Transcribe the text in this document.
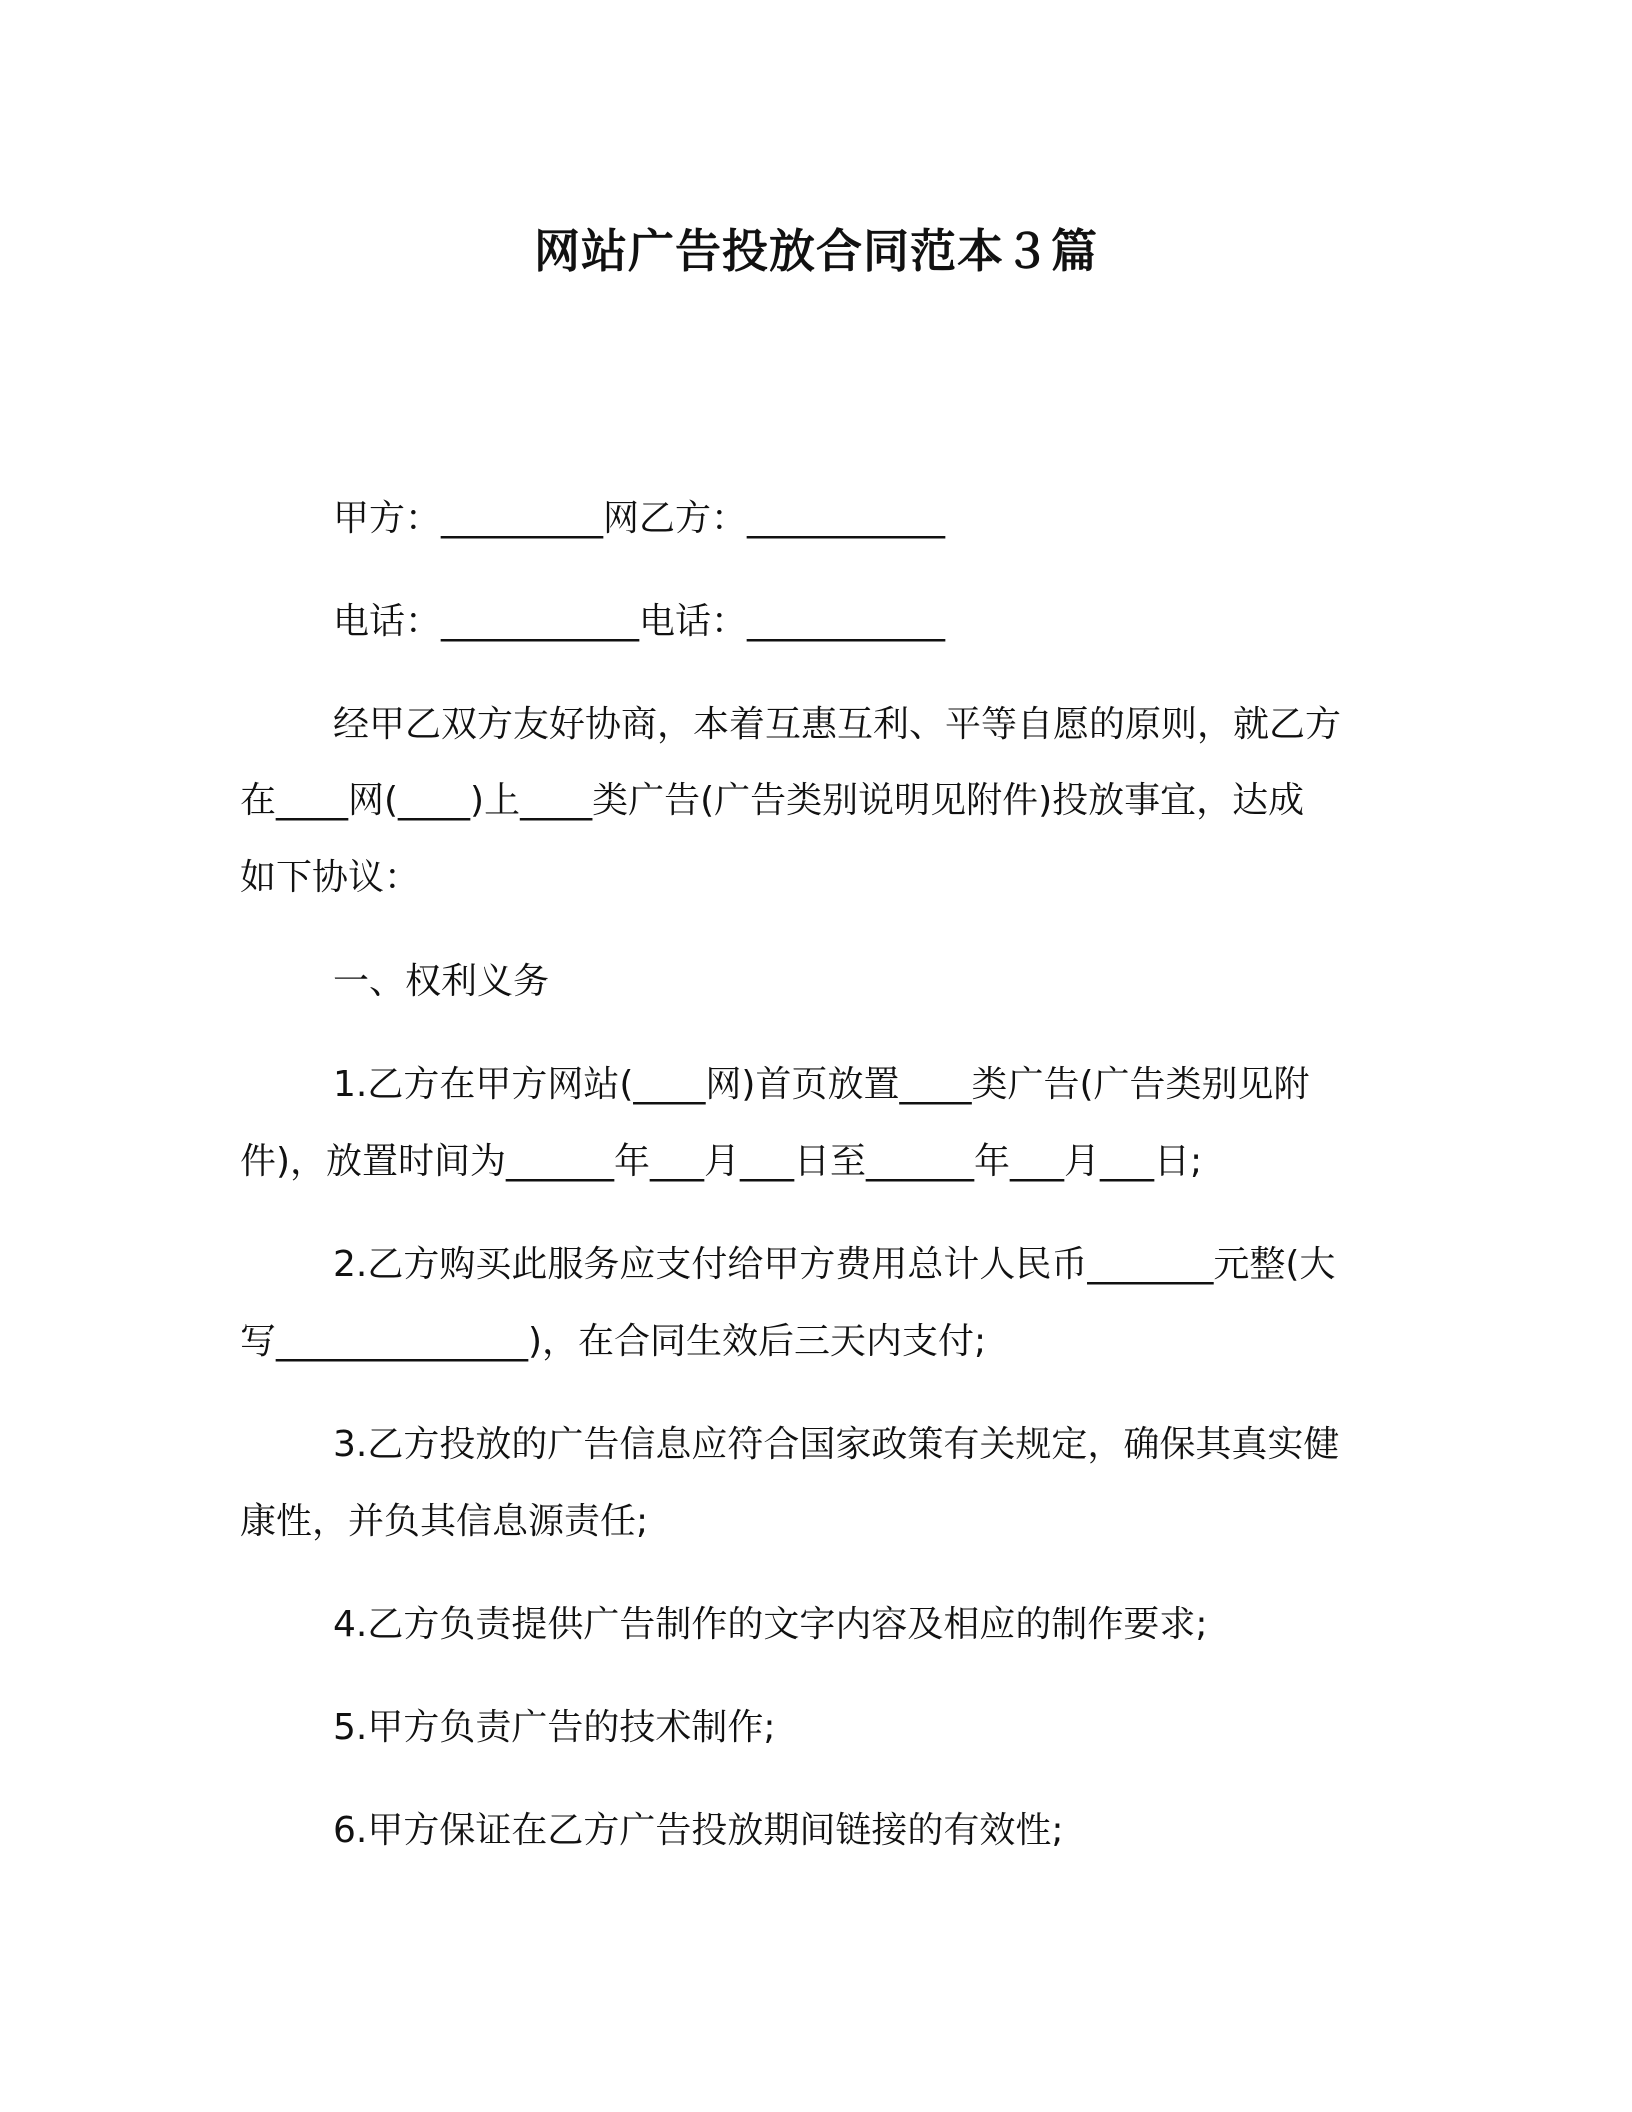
网站广告投放合同范本３篇

甲方：_________网乙方：___________

电话：___________电话：___________

经甲乙双方友好协商，本着互惠互利、平等自愿的原则，就乙方

在____网(____)上____类广告(广告类别说明见附件)投放事宜，达成

如下协议：

一、权利义务

1.乙方在甲方网站(____网)首页放置____类广告(广告类别见附

件)，放置时间为______年___月___日至______年___月___日;

2.乙方购买此服务应支付给甲方费用总计人民币_______元整(大

写______________)，在合同生效后三天内支付;

3.乙方投放的广告信息应符合国家政策有关规定，确保其真实健

康性，并负其信息源责任;

4.乙方负责提供广告制作的文字内容及相应的制作要求;

5.甲方负责广告的技术制作;

6.甲方保证在乙方广告投放期间链接的有效性;
